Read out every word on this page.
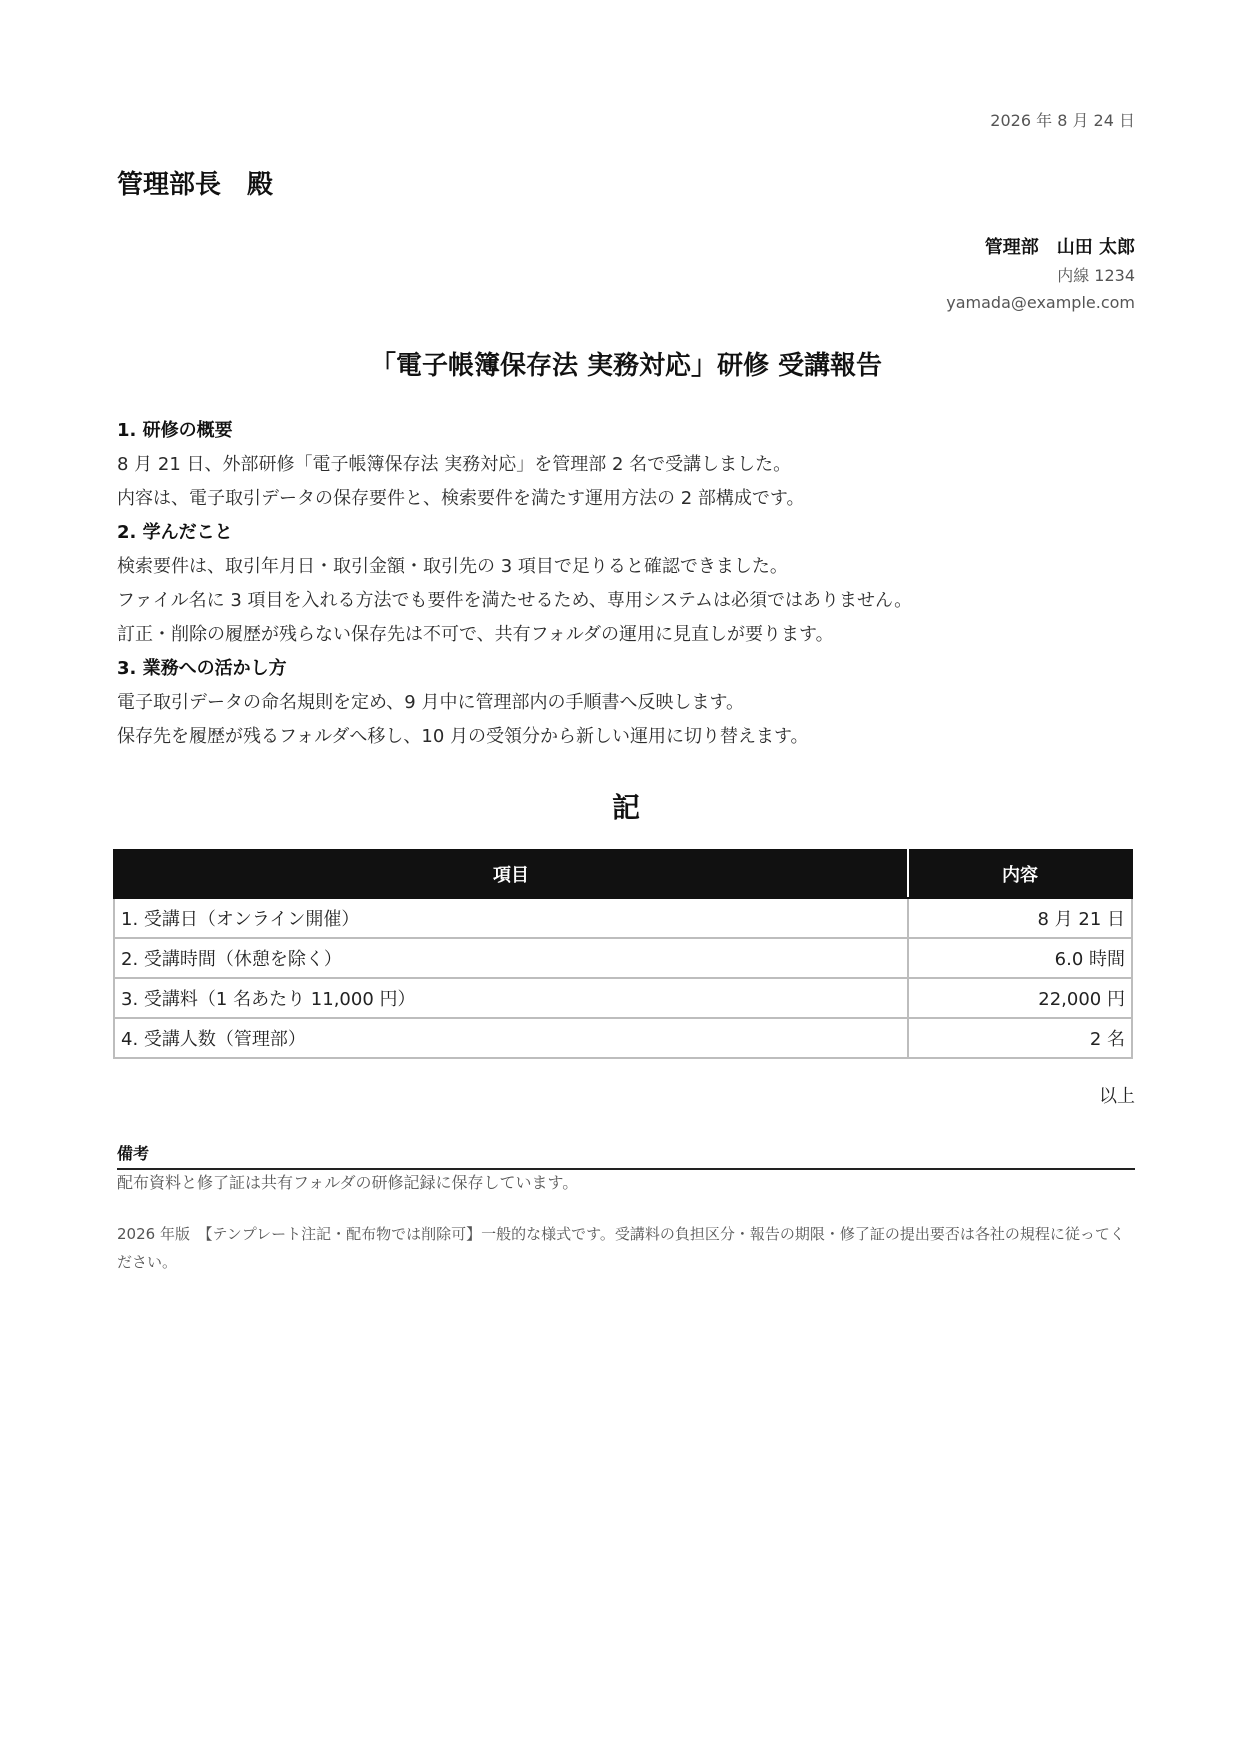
2026 年 8 月 24 日
管理部長　殿
管理部　山田 太郎
内線 1234
yamada@example.com
「電子帳簿保存法 実務対応」研修 受講報告
1. 研修の概要
8 月 21 日、外部研修「電子帳簿保存法 実務対応」を管理部 2 名で受講しました。
内容は、電子取引データの保存要件と、検索要件を満たす運用方法の 2 部構成です。
2. 学んだこと
検索要件は、取引年月日・取引金額・取引先の 3 項目で足りると確認できました。
ファイル名に 3 項目を入れる方法でも要件を満たせるため、専用システムは必須ではありません。
訂正・削除の履歴が残らない保存先は不可で、共有フォルダの運用に見直しが要ります。
3. 業務への活かし方
電子取引データの命名規則を定め、9 月中に管理部内の手順書へ反映します。
保存先を履歴が残るフォルダへ移し、10 月の受領分から新しい運用に切り替えます。
記
項目	内容
1. 受講日（オンライン開催）	8 月 21 日
2. 受講時間（休憩を除く）	6.0 時間
3. 受講料（1 名あたり 11,000 円）	22,000 円
4. 受講人数（管理部）	2 名
以上
備考
配布資料と修了証は共有フォルダの研修記録に保存しています。
2026 年版　【テンプレート注記・配布物では削除可】一般的な様式です。受講料の負担区分・報告の期限・修了証の提出要否は各社の規程に従ってください。
